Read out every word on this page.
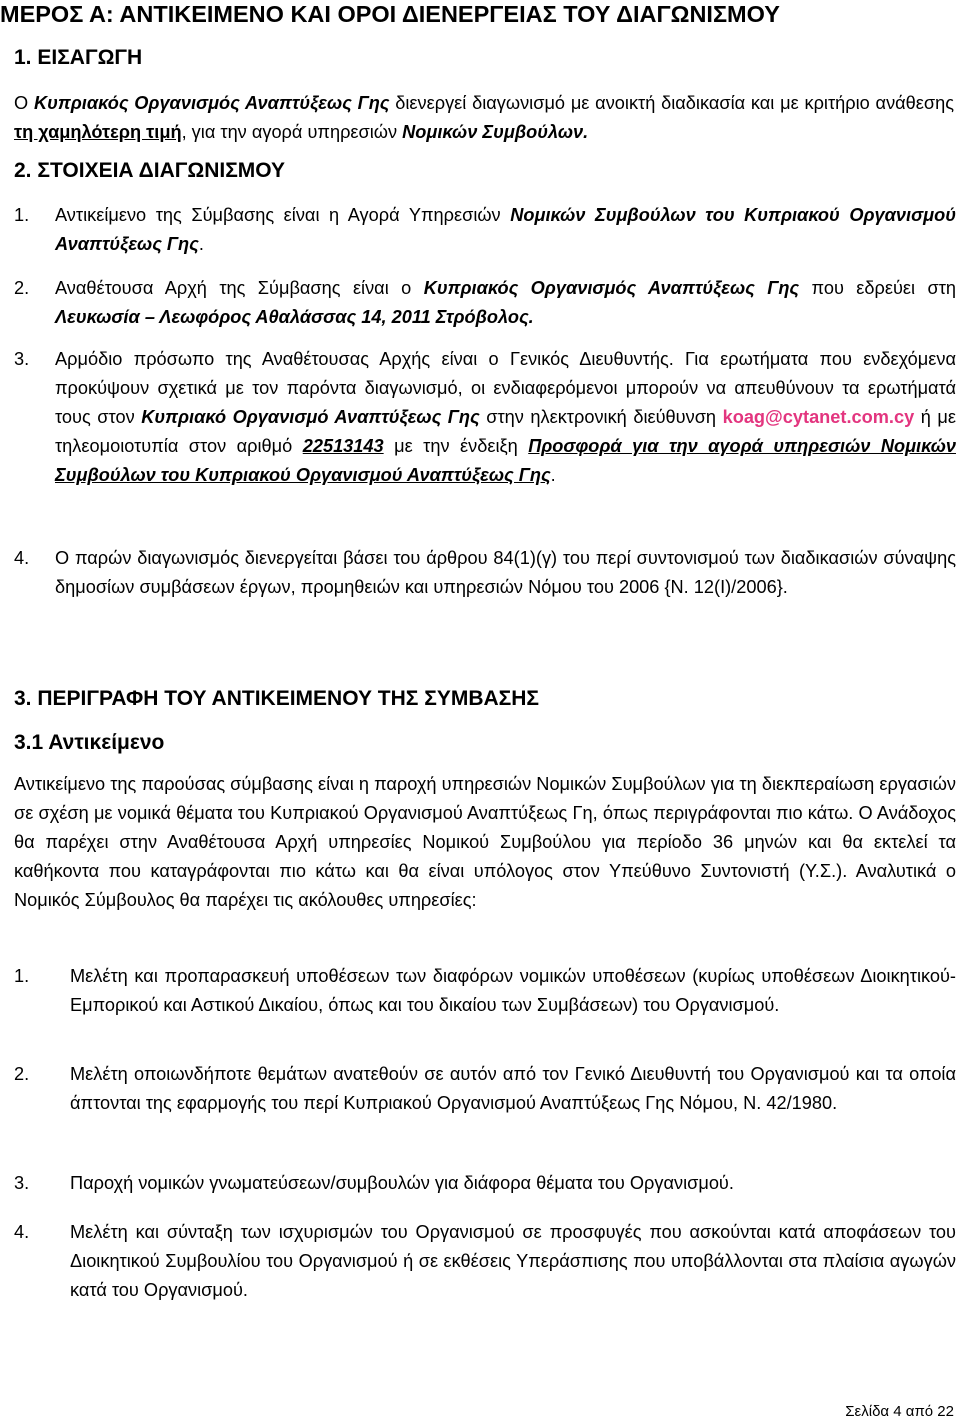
ΜΕΡΟΣ Α: ΑΝΤΙΚΕΙΜΕΝΟ ΚΑΙ ΟΡΟΙ ΔΙΕΝΕΡΓΕΙΑΣ ΤΟΥ ΔΙΑΓΩΝΙΣΜΟΥ
1. ΕΙΣΑΓΩΓΗ

Ο Κυπριακός Οργανισμός Αναπτύξεως Γης διενεργεί διαγωνισμό με ανοικτή διαδικασία και με κριτήριο ανάθεσης τη χαμηλότερη τιμή, για την αγορά υπηρεσιών Νομικών Συμβούλων.

2. ΣΤΟΙΧΕΙΑ ΔΙΑΓΩΝΙΣΜΟΥ
1. Αντικείμενο της Σύμβασης είναι η Αγορά Υπηρεσιών Νομικών Συμβούλων του Κυπριακού Οργανισμού Αναπτύξεως Γης.

2. Αναθέτουσα Αρχή της Σύμβασης είναι ο Κυπριακός Οργανισμός Αναπτύξεως Γης που εδρεύει στη Λευκωσία – Λεωφόρος Αθαλάσσας 14, 2011 Στρόβολος.

3. Αρμόδιο πρόσωπο της Αναθέτουσας Αρχής είναι ο Γενικός Διευθυντής. Για ερωτήματα που ενδεχόμενα προκύψουν σχετικά με τον παρόντα διαγωνισμό, οι ενδιαφερόμενοι μπορούν να απευθύνουν τα ερωτήματά τους στον Κυπριακό Οργανισμό Αναπτύξεως Γης στην ηλεκτρονική διεύθυνση koag@cytanet.com.cy ή με τηλεομοιοτυπία στον αριθμό 22513143 με την ένδειξη Προσφορά για την αγορά υπηρεσιών Νομικών Συμβούλων του Κυπριακού Οργανισμού Αναπτύξεως Γης.

4. Ο παρών διαγωνισμός διενεργείται βάσει του άρθρου 84(1)(γ) του περί συντονισμού των διαδικασιών σύναψης δημοσίων συμβάσεων έργων, προμηθειών και υπηρεσιών Νόμου του 2006 {Ν. 12(Ι)/2006}.

3. ΠΕΡΙΓΡΑΦΗ ΤΟΥ ΑΝΤΙΚΕΙΜΕΝΟΥ ΤΗΣ ΣΥΜΒΑΣΗΣ
3.1 Αντικείμενο

Αντικείμενο της παρούσας σύμβασης είναι η παροχή υπηρεσιών Νομικών Συμβούλων για τη διεκπεραίωση εργασιών σε σχέση με νομικά θέματα του Κυπριακού Οργανισμού Αναπτύξεως Γη, όπως περιγράφονται πιο κάτω. Ο Ανάδοχος θα παρέχει στην Αναθέτουσα Αρχή υπηρεσίες Νομικού Συμβούλου για περίοδο 36 μηνών και θα εκτελεί τα καθήκοντα που καταγράφονται πιο κάτω και θα είναι υπόλογος στον Υπεύθυνο Συντονιστή (Υ.Σ.). Αναλυτικά ο Νομικός Σύμβουλος θα παρέχει τις ακόλουθες υπηρεσίες:

1. Μελέτη και προπαρασκευή υποθέσεων των διαφόρων νομικών υποθέσεων (κυρίως υποθέσεων Διοικητικού-Εμπορικού και Αστικού Δικαίου, όπως και του δικαίου των Συμβάσεων) του Οργανισμού.

2. Μελέτη οποιωνδήποτε θεμάτων ανατεθούν σε αυτόν από τον Γενικό Διευθυντή του Οργανισμού και τα οποία άπτονται της εφαρμογής του περί Κυπριακού Οργανισμού Αναπτύξεως Γης Νόμου, Ν. 42/1980.

3. Παροχή νομικών γνωματεύσεων/συμβουλών για διάφορα θέματα του Οργανισμού.

4. Μελέτη και σύνταξη των ισχυρισμών του Οργανισμού σε προσφυγές που ασκούνται κατά αποφάσεων του Διοικητικού Συμβουλίου του Οργανισμού ή σε εκθέσεις Υπεράσπισης που υποβάλλονται στα πλαίσια αγωγών κατά του Οργανισμού.

Σελίδα 4 από 22
